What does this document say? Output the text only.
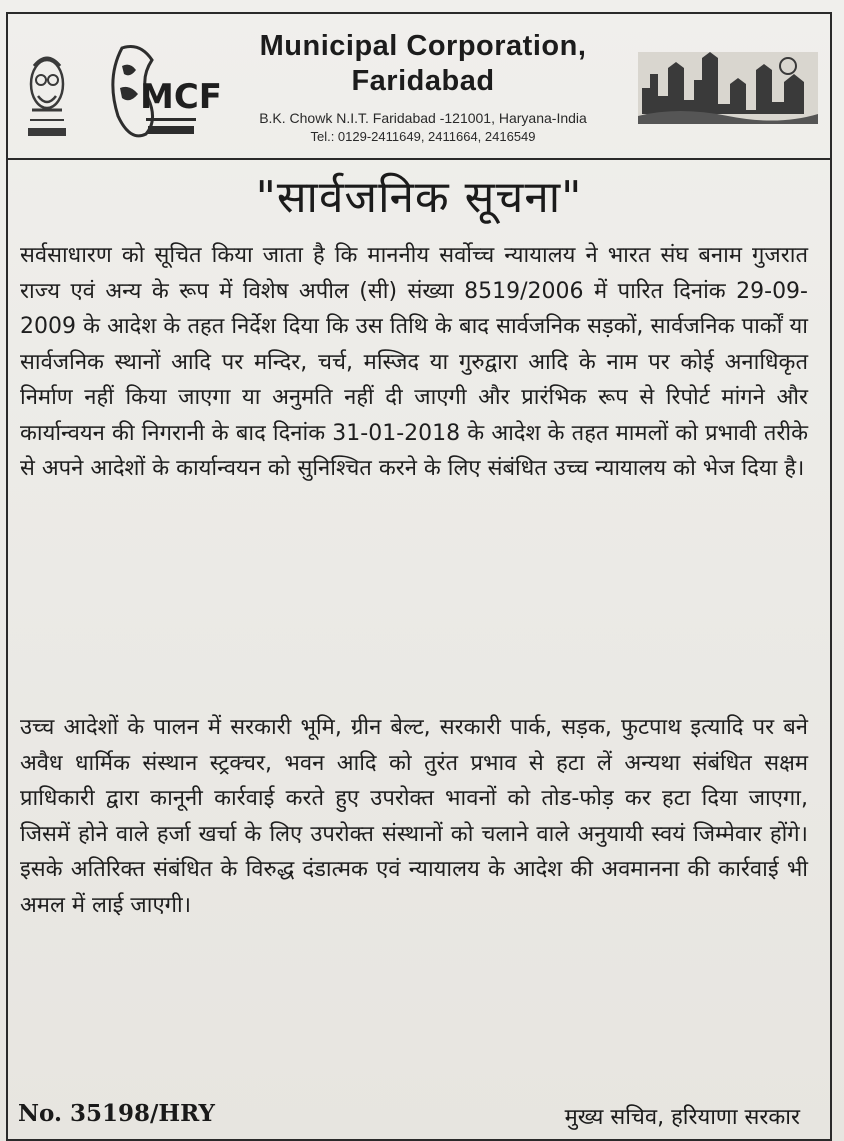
MCF
Municipal Corporation,
Faridabad
B.K. Chowk N.I.T. Faridabad -121001, Haryana-India
Tel.: 0129-2411649, 2411664, 2416549
"सार्वजनिक सूचना"
सर्वसाधारण को सूचित किया जाता है कि माननीय सर्वोच्च न्यायालय ने भारत संघ बनाम गुजरात राज्य एवं अन्य के रूप में विशेष अपील (सी) संख्या 8519/2006 में पारित दिनांक 29-09-2009 के आदेश के तहत निर्देश दिया कि उस तिथि के बाद सार्वजनिक सड़कों, सार्वजनिक पार्कों या सार्वजनिक स्थानों आदि पर मन्दिर, चर्च, मस्जिद या गुरुद्वारा आदि के नाम पर कोई अनाधिकृत निर्माण नहीं किया जाएगा या अनुमति नहीं दी जाएगी और प्रारंभिक रूप से रिपोर्ट मांगने और कार्यान्वयन की निगरानी के बाद दिनांक 31-01-2018 के आदेश के तहत मामलों को प्रभावी तरीके से अपने आदेशों के कार्यान्वयन को सुनिश्चित करने के लिए संबंधित उच्च न्यायालय को भेज दिया है।
उच्च आदेशों के पालन में सरकारी भूमि, ग्रीन बेल्ट, सरकारी पार्क, सड़क, फुटपाथ इत्यादि पर बने अवैध धार्मिक संस्थान स्ट्रक्चर, भवन आदि को तुरंत प्रभाव से हटा लें अन्यथा संबंधित सक्षम प्राधिकारी द्वारा कानूनी कार्रवाई करते हुए उपरोक्त भावनों को तोड-फोड़ कर हटा दिया जाएगा, जिसमें होने वाले हर्जा खर्चा के लिए उपरोक्त संस्थानों को चलाने वाले अनुयायी स्वयं जिम्मेवार होंगे। इसके अतिरिक्त संबंधित के विरुद्ध दंडात्मक एवं न्यायालय के आदेश की अवमानना की कार्रवाई भी अमल में लाई जाएगी।
No. 35198/HRY	मुख्य सचिव, हरियाणा सरकार
